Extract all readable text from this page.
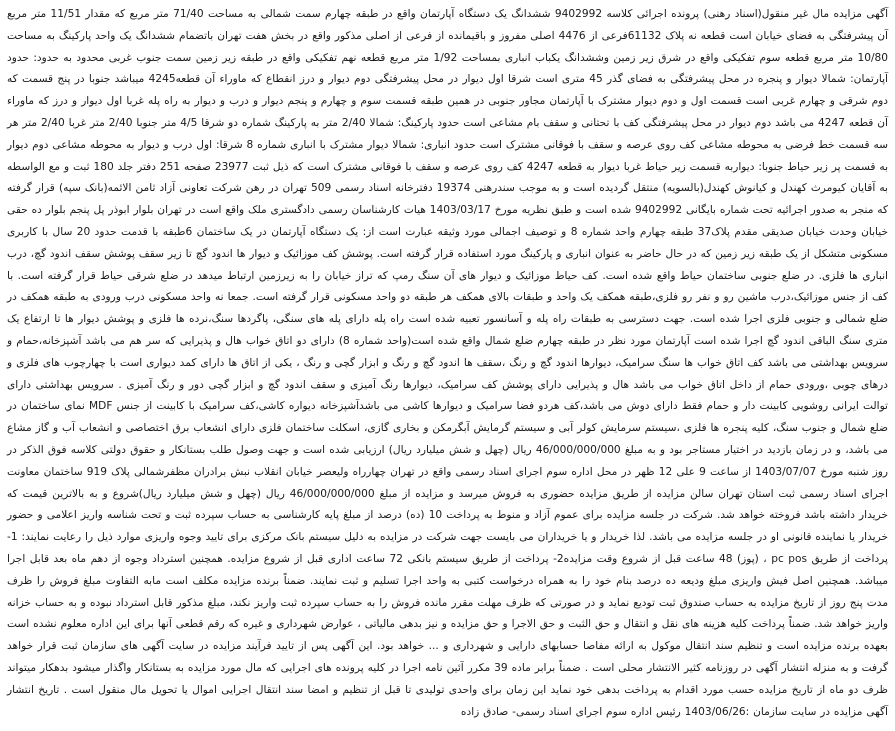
آگهی مزایده مال غیر منقول(اسناد رهنی) پرونده اجرائی کلاسه 9402992 ششدانگ یک دستگاه آپارتمان واقع در طبقه چهارم سمت شمالی به مساحت 71/40 متر مربع که مقدار 11/51 متر مربع آن پیشرفتگی به فضای خیابان است قطعه نه پلاک 61132فرعی از 4476 اصلی مفروز و باقیمانده از فرعی از اصلی مذکور واقع در بخش هفت تهران باتضمام ششدانگ یک واحد پارکینگ به مساحت 10/80 متر مربع قطعه سوم تفکیکی واقع در شرق زیر زمین وششدانگ یکباب انباری بمساحت 1/92 متر مربع قطعه نهم تفکیکی واقع در طبقه زیر زمین سمت جنوب غربی محدود به حدود: حدود آپارتمان: شمالا دیوار و پنجره در محل پیشرفتگی به فضای گذر 45 متری است شرقا اول دیوار در محل پیشرفتگی دوم دیوار و درز انقطاع که ماوراء آن قطعه4245 میباشد جنوبا در پنج قسمت که دوم شرقی و چهارم غربی است قسمت اول و دوم دیوار مشترک با آپارتمان مجاور جنوبی در همین طبقه قسمت سوم و چهارم و پنجم دیوار و درب و دیوار به راه پله غربا اول دیوار و درز که ماوراء آن قطعه 4247 می باشد دوم دیوار در محل پیشرفتگی کف با تحتانی و سقف بام مشاعی است حدود پارکینگ: شمالا 2/40 متر به پارکینگ شماره دو شرقا 4/5 متر جنوبا 2/40 متر غربا 2/40 متر هر سه قسمت خط فرضی به محوطه مشاعی کف روی عرصه و سقف با فوقانی مشترک است حدود انباری: شمالا دیوار مشترک با انباری شماره 8 شرقا: اول درب و دیوار به محوطه مشاعی دوم دیوار به قسمت پر زیر حیاط جنوبا: دیواربه قسمت زیر حیاط غربا دیوار به قطعه 4247 کف روی عرصه و سقف با فوقانی مشترک است که ذیل ثبت 23977 صفحه 251 دفتر جلد 180 ثبت و مع الواسطه به آقایان کیومرث کهندل و کیانوش کهندل(بالسویه) منتقل گردیده است و به موجب سندرهنی 19374 دفترخانه اسناد رسمی 509 تهران در رهن شرکت تعاونی آزاد ثامن الائمه(بانک سپه) قرار گرفته که منجر به صدور اجرائیه تحت شماره بایگانی 9402992 شده است و طبق نظریه مورخ 1403/03/17 هیات کارشناسان رسمی دادگستری ملک واقع است در تهران بلوار ابوذر پل پنجم بلوار ده حقی خیابان وحدت خیابان صدیقی مقدم پلاک37 طبقه چهارم واحد شماره 8 و توصیف اجمالی مورد وثیقه عبارت است از: یک دستگاه آپارتمان در یک ساختمان 6طبقه با قدمت حدود 20 سال با کاربری مسکونی متشکل از یک طبقه زیر زمین که در حال حاضر به عنوان انباری و پارکینگ مورد استفاده قرار گرفته است. پوشش کف موزائیک و دیوار ها اندود گچ تا زیر سقف پوشش سقف اندود گچ، درب انباری ها فلزی. در ضلع جنوبی ساختمان حیاط واقع شده است. کف حیاط موزائیک و دیوار های آن سنگ رمپ که تراز خیابان را به زیرزمین ارتباط میدهد در ضلع شرقی حیاط قرار گرفته است. با کف از جنس موزائیک،درب ماشین رو و نفر رو فلزی،طبقه همکف یک واحد و طبقات بالای همکف هر طبقه دو واحد مسکونی قرار گرفته است. جمعا نه واحد مسکونی درب ورودی به طبقه همکف در ضلع شمالی و جنوبی فلزی اجرا شده است. جهت دسترسی به طبقات راه پله و آسانسور تعبیه شده است راه پله دارای پله های سنگی، پاگردها سنگ،نرده ها فلزی و پوشش دیوار ها تا ارتفاع یک متری سنگ الباقی اندود گچ اجرا شده است آپارتمان مورد نظر در طبقه چهارم ضلع شمال واقع شده است(واحد شماره 8) دارای دو اتاق خواب هال و پذیرایی که سر هم می باشد آشپزخانه،حمام و سرویس بهداشتی می باشد کف اتاق خواب ها سنگ سرامیک، دیوارها اندود گچ و رنگ ،سقف ها اندود گچ و رنگ و ابزار گچی و رنگ ، یکی از اتاق ها دارای کمد دیواری است با چهارچوب های فلزی و درهای چوبی ،ورودی حمام از داخل اتاق خواب می باشد هال و پذیرایی دارای پوشش کف سرامیک، دیوارها رنگ آمیزی و سقف اندود گچ و ابزار گچی دور و رنگ آمیزی . سرویس بهداشتی دارای توالت ایرانی روشویی کابینت دار و حمام فقط دارای دوش می باشد،کف هردو فضا سرامیک و دیوارها کاشی می باشدآشپزخانه دیواره کاشی،کف سرامیک با کابینت از جنس MDF نمای ساختمان در ضلع شمال و جنوب سنگ، کلیه پنجره ها فلزی ،سیستم سرمایش کولر آبی و سیستم گرمایش آبگرمکن و بخاری گازی، اسکلت ساختمان فلزی دارای انشعاب برق اختصاصی و انشعاب آب و گاز مشاع می باشد، و در زمان بازدید در اختیار مستاجر بود و به مبلغ 46/000/000/000 ریال (چهل و شش میلیارد ریال) ارزیابی شده است و جهت وصول طلب بستانکار و حقوق دولتی کلاسه فوق الذکر در روز شنبه مورخ 1403/07/07 از ساعت 9 علی 12 ظهر در محل اداره سوم اجرای اسناد رسمی واقع در تهران چهارراه ولیعصر خیابان انقلاب نبش برادران مظفرشمالی پلاک 919 ساختمان معاونت اجرای اسناد رسمی ثبت استان تهران سالن مزایده از طریق مزایده حضوری به فروش میرسد و مزایده از مبلغ 46/000/000/000 ریال (چهل و شش میلیارد ریال)شروع و به بالاترین قیمت که خریدار داشته باشد فروخته خواهد شد. شرکت در جلسه مزایده برای عموم آزاد و منوط به پرداخت 10 (ده) درصد از مبلغ پایه کارشناسی به حساب سپرده ثبت و تحت شناسه واریز اعلامی و حضور خریدار یا نماینده قانونی او در جلسه مزایده می باشد. لذا خریدار و یا خریداران می بایست جهت شرکت در مزایده به دلیل سیستم بانک مرکزی برای تایید وجوه واریزی موارد ذیل را رعایت نمایند: 1- پرداخت از طریق pc pos ، (پوز) 48 ساعت قبل از شروع وقت مزایده2- پرداخت از طریق سیستم بانکی 72 ساعت اداری قبل از شروع مزایده. همچنین استرداد وجوه از دهم ماه بعد قابل اجرا میباشد. همچنین اصل فیش واریزی مبلغ ودیعه ده درصد بنام خود را به همراه درخواست کتبی به واحد اجرا تسلیم و ثبت نمایند. ضمناً برنده مزایده مکلف است مابه التفاوت مبلغ فروش را ظرف مدت پنج روز از تاریخ مزایده به حساب صندوق ثبت تودیع نماید و در صورتی که ظرف مهلت مقرر مانده فروش را به حساب سپرده ثبت واریز نکند، مبلغ مذکور قابل استرداد نبوده و به حساب خزانه واریز خواهد شد. ضمناً پرداخت کلیه هزینه های نقل و انتقال و حق الثبت و حق الاجرا و حق مزایده و نیز بدهی مالیاتی ، عوارض شهرداری و غیره که رقم قطعی آنها برای این اداره معلوم نشده است بعهده برنده مزایده است و تنظیم سند انتقال موکول به ارائه مفاصا حسابهای دارایی و شهرداری و ... خواهد بود. این آگهی پس از تایید فرآیند مزایده در سایت آگهی های سازمان ثبت قرار خواهد گرفت و به منزله انتشار آگهی در روزنامه کثیر الانتشار محلی است . ضمناً برابر ماده 39 مکرر آئین نامه اجرا در کلیه پرونده های اجرایی که مال مورد مزایده به بستانکار واگذار میشود بدهکار میتواند ظرف دو ماه از تاریخ مزایده حسب مورد اقدام به پرداخت بدهی خود نماید این زمان برای واحدی تولیدی تا قبل از تنظیم و امضا سند انتقال اجرایی اموال یا تحویل مال منقول است . تاریخ انتشار آگهی مزایده در سایت سازمان :1403/06/26 رئیس اداره سوم اجرای اسناد رسمی- صادق زاده
